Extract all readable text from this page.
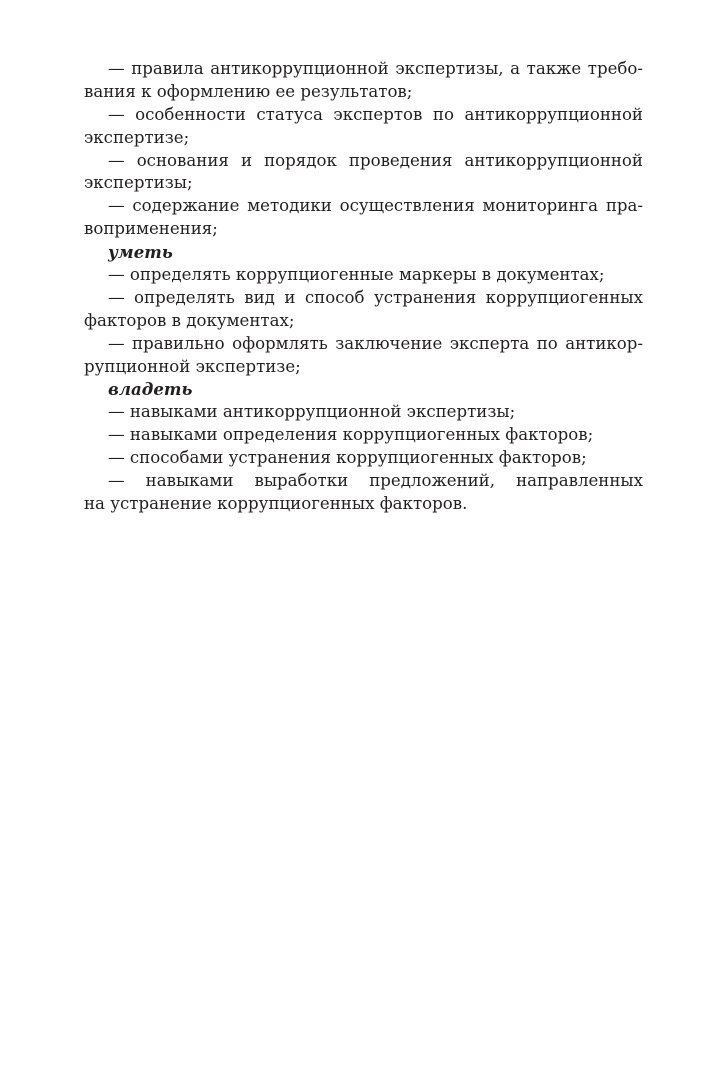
— правила антикоррупционной экспертизы, а также требо-
вания к оформлению ее результатов;
— особенности статуса экспертов по антикоррупционной
экспертизе;
— основания и порядок проведения антикоррупционной
экспертизы;
— содержание методики осуществления мониторинга пра-
воприменения;
уметь
— определять коррупциогенные маркеры в документах;
— определять вид и способ устранения коррупциогенных
факторов в документах;
— правильно оформлять заключение эксперта по антикор-
рупционной экспертизе;
владеть
— навыками антикоррупционной экспертизы;
— навыками определения коррупциогенных факторов;
— способами устранения коррупциогенных факторов;
— навыками выработки предложений, направленных
на устранение коррупциогенных факторов.
